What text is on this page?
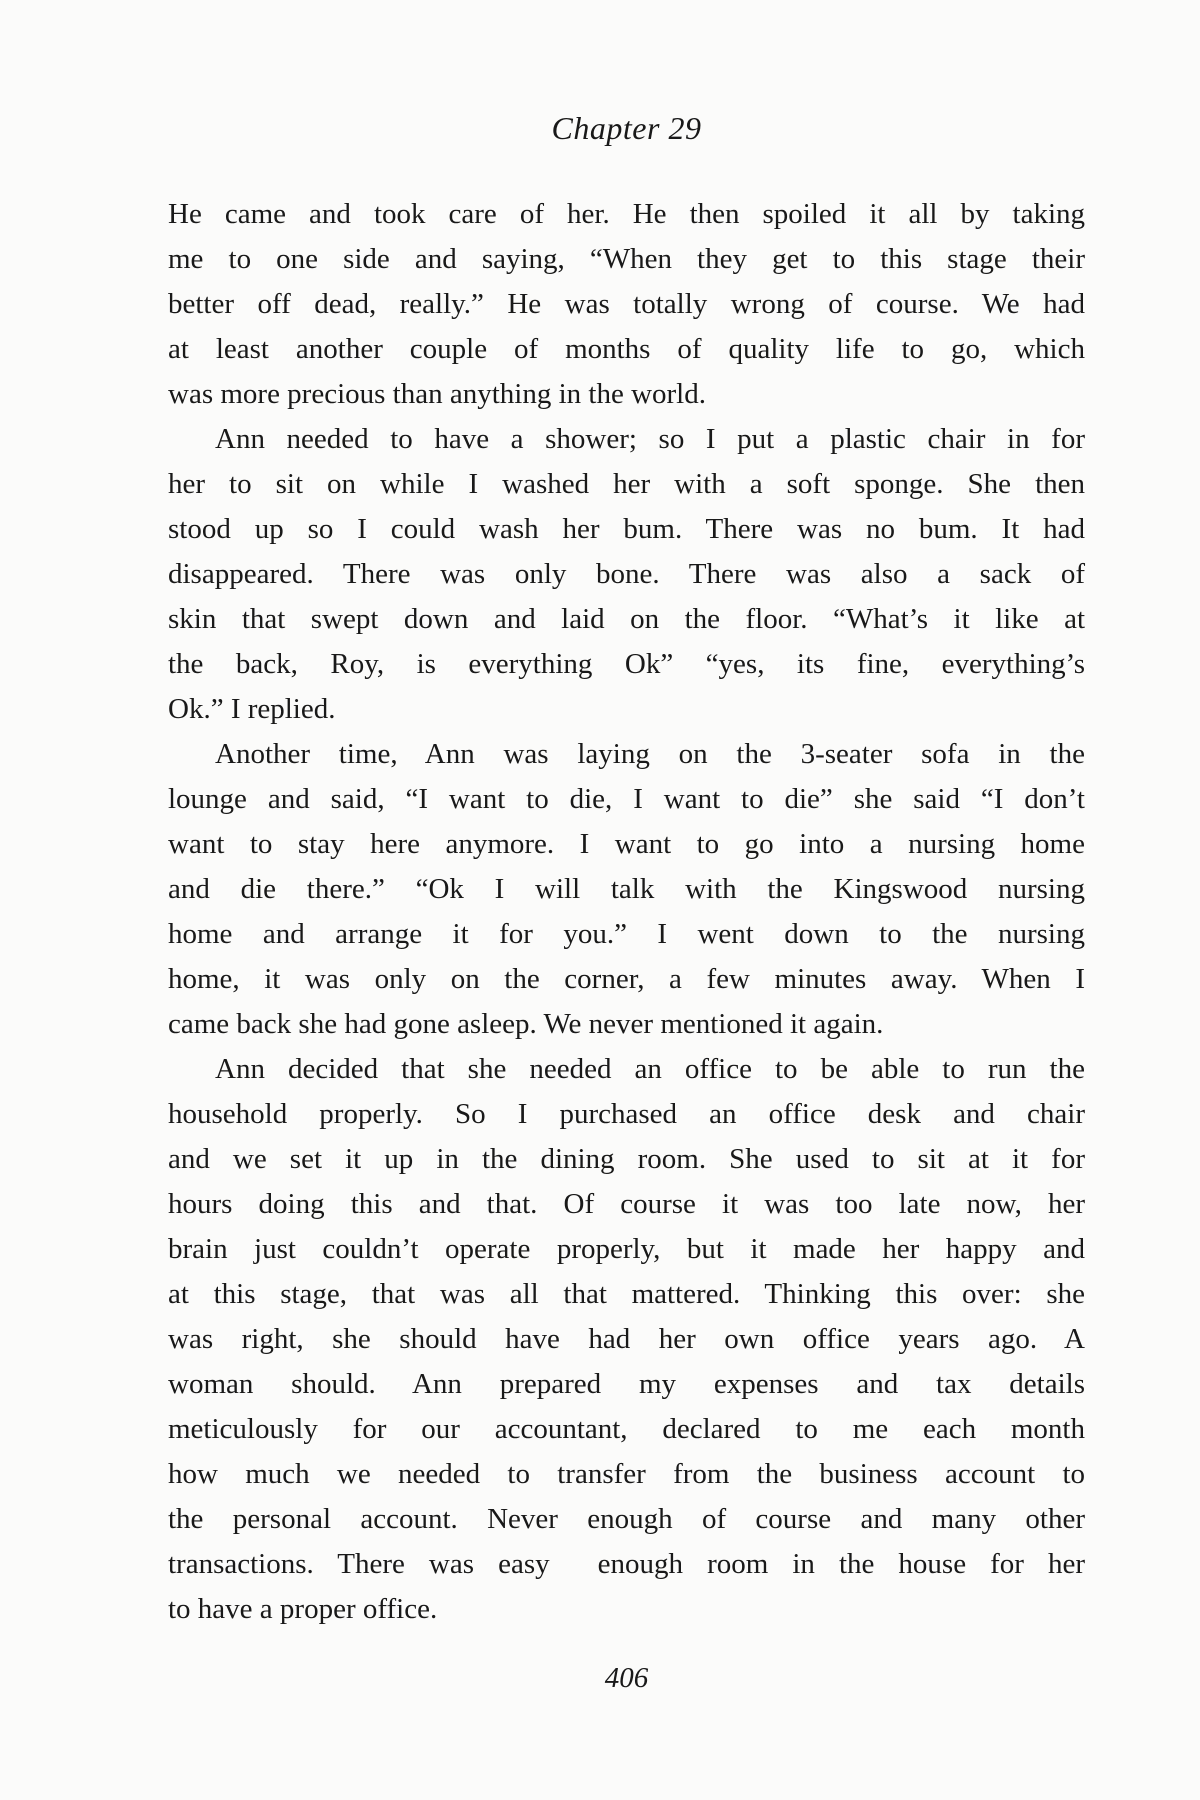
Chapter 29
He came and took care of her. He then spoiled it all by taking
me to one side and saying, “When they get to this stage their
better off dead, really.” He was totally wrong of course. We had
at least another couple of months of quality life to go, which
was more precious than anything in the world.
Ann needed to have a shower; so I put a plastic chair in for
her to sit on while I washed her with a soft sponge. She then
stood up so I could wash her bum. There was no bum. It had
disappeared. There was only bone. There was also a sack of
skin that swept down and laid on the floor. “What’s it like at
the back, Roy, is everything Ok” “yes, its fine, everything’s
Ok.” I replied.
Another time, Ann was laying on the 3-seater sofa in the
lounge and said, “I want to die, I want to die” she said “I don’t
want to stay here anymore. I want to go into a nursing home
and die there.” “Ok I will talk with the Kingswood nursing
home and arrange it for you.” I went down to the nursing
home, it was only on the corner, a few minutes away. When I
came back she had gone asleep. We never mentioned it again.
Ann decided that she needed an office to be able to run the
household properly. So I purchased an office desk and chair
and we set it up in the dining room. She used to sit at it for
hours doing this and that. Of course it was too late now, her
brain just couldn’t operate properly, but it made her happy and
at this stage, that was all that mattered. Thinking this over: she
was right, she should have had her own office years ago. A
woman should. Ann prepared my expenses and tax details
meticulously for our accountant, declared to me each month
how much we needed to transfer from the business account to
the personal account. Never enough of course and many other
transactions. There was easy  enough room in the house for her
to have a proper office.
406
